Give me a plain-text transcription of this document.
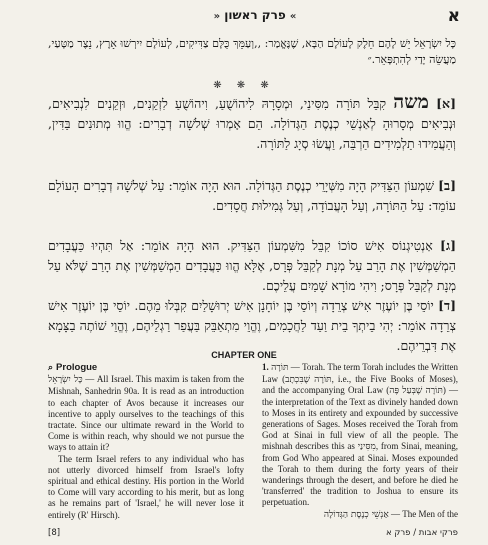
» פרק ראשון «	א
כָּל יִשְׂרָאֵל יֵשׁ לָהֶם חֵלֶק לָעוֹלָם הַבָּא, שֶׁנֶּאֱמַר: ,,וְעַמֵּךְ כֻּלָּם צַדִּיקִים, לְעוֹלָם יִירְשׁוּ אָרֶץ, נֵצֶר מַטָּעַי, מַעֲשֵׂה יָדַי לְהִתְפָּאֵר.״
❋ ❋ ❋
[א] משה קִבֵּל תּוֹרָה מִסִּינַי, וּמְסָרָהּ לִיהוֹשֻׁעַ, וִיהוֹשֻׁעַ לִזְקֵנִים, וּזְקֵנִים לִנְבִיאִים, וּנְבִיאִים מְסָרוּהָ לְאַנְשֵׁי כְנֶסֶת הַגְּדוֹלָה. הֵם אָמְרוּ שְׁלשָׁה דְבָרִים: הֱווּ מְתוּנִים בַּדִּין, וְהַעֲמִידוּ תַלְמִידִים הַרְבֵּה, וַעֲשׂוּ סְיָג לַתּוֹרָה.
[ב] שִׁמְעוֹן הַצַּדִּיק הָיָה מִשְּׁיָרֵי כְנֶסֶת הַגְּדוֹלָה. הוּא הָיָה אוֹמֵר: עַל שְׁלשָׁה דְבָרִים הָעוֹלָם עוֹמֵד: עַל הַתּוֹרָה, וְעַל הָעֲבוֹדָה, וְעַל גְּמִילוּת חֲסָדִים.
[ג] אַנְטִיגְנוֹס אִישׁ סוֹכוֹ קִבֵּל מִשִּׁמְעוֹן הַצַּדִּיק. הוּא הָיָה אוֹמֵר: אַל תִּהְיוּ כַּעֲבָדִים הַמְשַׁמְּשִׁין אֶת הָרַב עַל מְנָת לְקַבֵּל פְּרָס, אֶלָּא הֱווּ כַּעֲבָדִים הַמְשַׁמְּשִׁין אֶת הָרַב שֶׁלֹּא עַל מְנָת לְקַבֵּל פְּרָס; וִיהִי מוֹרָא שָׁמַיִם עֲלֵיכֶם.
[ד] יוֹסֵי בֶּן יוֹעֶזֶר אִישׁ צְרֵדָה וְיוֹסֵי בֶּן יוֹחָנָן אִישׁ יְרוּשָׁלַיִם קִבְּלוּ מֵהֶם. יוֹסֵי בֶּן יוֹעֶזֶר אִישׁ צְרֵדָה אוֹמֵר: יְהִי בֵיתְךָ בֵית וַעַד לַחֲכָמִים, וֶהֱוֵי מִתְאַבֵּק בַּעֲפַר רַגְלֵיהֶם, וֶהֱוֵי שׁוֹתֶה בַצָּמָא אֶת דִּבְרֵיהֶם.
CHAPTER ONE
⌕ Prologue

כָּל יִשְׂרָאֵל — All Israel. This maxim is taken from the Mishnah, Sanhedrin 90a. It is read as an introduction to each chapter of Avos because it increases our incentive to apply ourselves to the teachings of this tractate. Since our ultimate reward in the World to Come is within reach, why should we not pursue the ways to attain it?

The term Israel refers to any individual who has not utterly divorced himself from Israel's lofty spiritual and ethical destiny. His portion in the World to Come will vary according to his merit, but as long as he remains part of 'Israel,' he will never lose it entirely (R' Hirsch).

1. תּוֹרָה — Torah. The term Torah includes the Written Law (תּוֹרָה שֶׁבִּכְתָב, i.e., the Five Books of Moses), and the accompanying Oral Law (תּוֹרָה שֶׁבְּעַל פֶּה) — the interpretation of the Text as divinely handed down to Moses in its entirety and expounded by successive generations of Sages. Moses received the Torah from God at Sinai in full view of all the people. The mishnah describes this as מִסִּינַי, from Sinai, meaning, from God Who appeared at Sinai. Moses expounded the Torah to them during the forty years of their wanderings through the desert, and before he died he 'transferred' the tradition to Joshua to ensure its perpetuation.

אַנְשֵׁי כְנֶסֶת הַגְּדוֹלָה — The Men of the

[8]	פרקי אבות / פרק א
